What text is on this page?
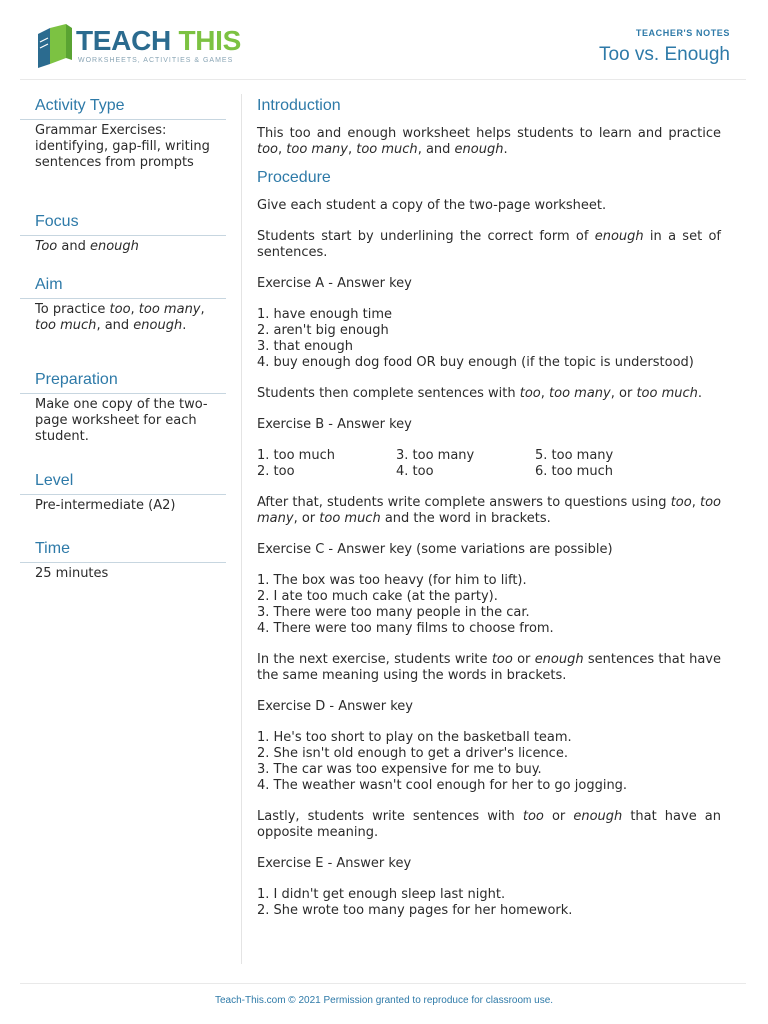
TEACH THIS
WORKSHEETS, ACTIVITIES & GAMES
TEACHER'S NOTES
Too vs. Enough
Activity Type
Grammar Exercises: identifying, gap-fill, writing sentences from prompts
Focus
Too and enough
Aim
To practice too, too many, too much, and enough.
Preparation
Make one copy of the two-page worksheet for each student.
Level
Pre-intermediate (A2)
Time
25 minutes
Introduction

This too and enough worksheet helps students to learn and practice too, too many, too much, and enough.

Procedure

Give each student a copy of the two-page worksheet.

Students start by underlining the correct form of enough in a set of sentences.

Exercise A - Answer key

1. have enough time
2. aren't big enough
3. that enough
4. buy enough dog food OR buy enough (if the topic is understood)

Students then complete sentences with too, too many, or too much.

Exercise B - Answer key

1. too much
2. too
3. too many
4. too
5. too many
6. too much

After that, students write complete answers to questions using too, too many, or too much and the word in brackets.

Exercise C - Answer key (some variations are possible)

1. The box was too heavy (for him to lift).
2. I ate too much cake (at the party).
3. There were too many people in the car.
4. There were too many films to choose from.

In the next exercise, students write too or enough sentences that have the same meaning using the words in brackets.

Exercise D - Answer key

1. He's too short to play on the basketball team.
2. She isn't old enough to get a driver's licence.
3. The car was too expensive for me to buy.
4. The weather wasn't cool enough for her to go jogging.

Lastly, students write sentences with too or enough that have an opposite meaning.

Exercise E - Answer key

1. I didn't get enough sleep last night.
2. She wrote too many pages for her homework.
Teach-This.com © 2021 Permission granted to reproduce for classroom use.
